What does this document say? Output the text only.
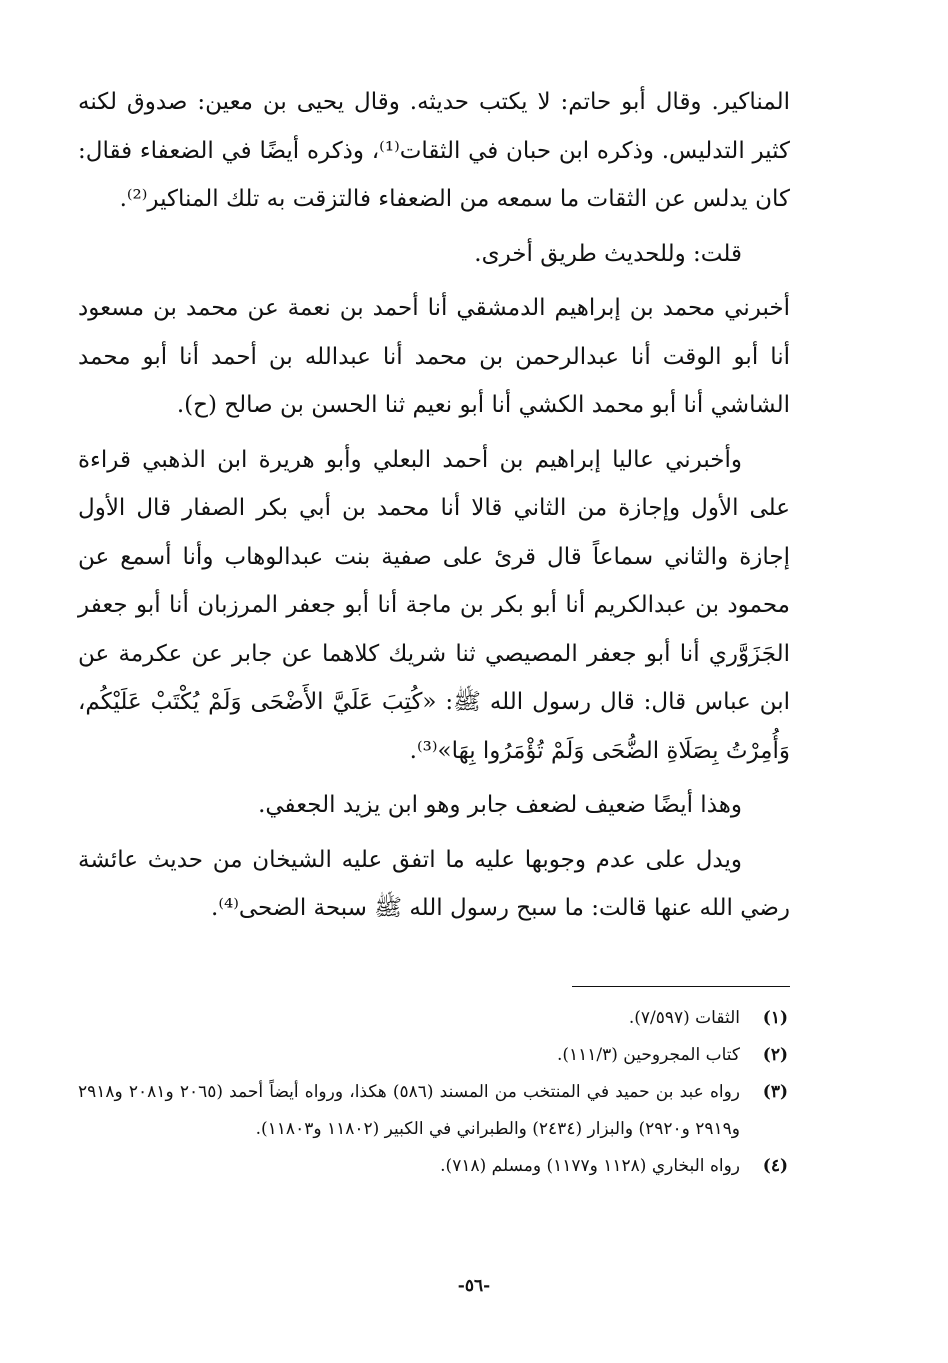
المناكير. وقال أبو حاتم: لا يكتب حديثه. وقال يحيى بن معين: صدوق لكنه كثير التدليس. وذكره ابن حبان في الثقات⁽¹⁾، وذكره أيضًا في الضعفاء فقال: كان يدلس عن الثقات ما سمعه من الضعفاء فالتزقت به تلك المناكير⁽²⁾.

قلت: وللحديث طريق أخرى.

أخبرني محمد بن إبراهيم الدمشقي أنا أحمد بن نعمة عن محمد بن مسعود أنا أبو الوقت أنا عبدالرحمن بن محمد أنا عبدالله بن أحمد أنا أبو محمد الشاشي أنا أبو محمد الكشي أنا أبو نعيم ثنا الحسن بن صالح (ح).

وأخبرني عاليا إبراهيم بن أحمد البعلي وأبو هريرة ابن الذهبي قراءة على الأول وإجازة من الثاني قالا أنا محمد بن أبي بكر الصفار قال الأول إجازة والثاني سماعاً قال قرئ على صفية بنت عبدالوهاب وأنا أسمع عن محمود بن عبدالكريم أنا أبو بكر بن ماجة أنا أبو جعفر المرزبان أنا أبو جعفر الجَزَوَّري أنا أبو جعفر المصيصي ثنا شريك كلاهما عن جابر عن عكرمة عن ابن عباس قال: قال رسول الله ﷺ: «كُتِبَ عَلَيَّ الأَضْحَى وَلَمْ يُكْتَبْ عَلَيْكُم، وَأُمِرْتُ بِصَلَاةِ الضُّحَى وَلَمْ تُؤْمَرُوا بِهَا»⁽³⁾.

وهذا أيضًا ضعيف لضعف جابر وهو ابن يزيد الجعفي.

ويدل على عدم وجوبها عليه ما اتفق عليه الشيخان من حديث عائشة رضي الله عنها قالت: ما سبح رسول الله ﷺ سبحة الضحى⁽⁴⁾.

(١)
الثقات (٧/٥٩٧).
(٢)
كتاب المجروحين (١١١/٣).
(٣)
رواه عبد بن حميد في المنتخب من المسند (٥٨٦) هكذا، ورواه أيضاً أحمد (٢٠٦٥ و٢٠٨١ و٢٩١٨ و٢٩١٩ و٢٩٢٠) والبزار (٢٤٣٤) والطبراني في الكبير (١١٨٠٢ و١١٨٠٣).
(٤)
رواه البخاري (١١٢٨ و١١٧٧) ومسلم (٧١٨).
-٥٦-
